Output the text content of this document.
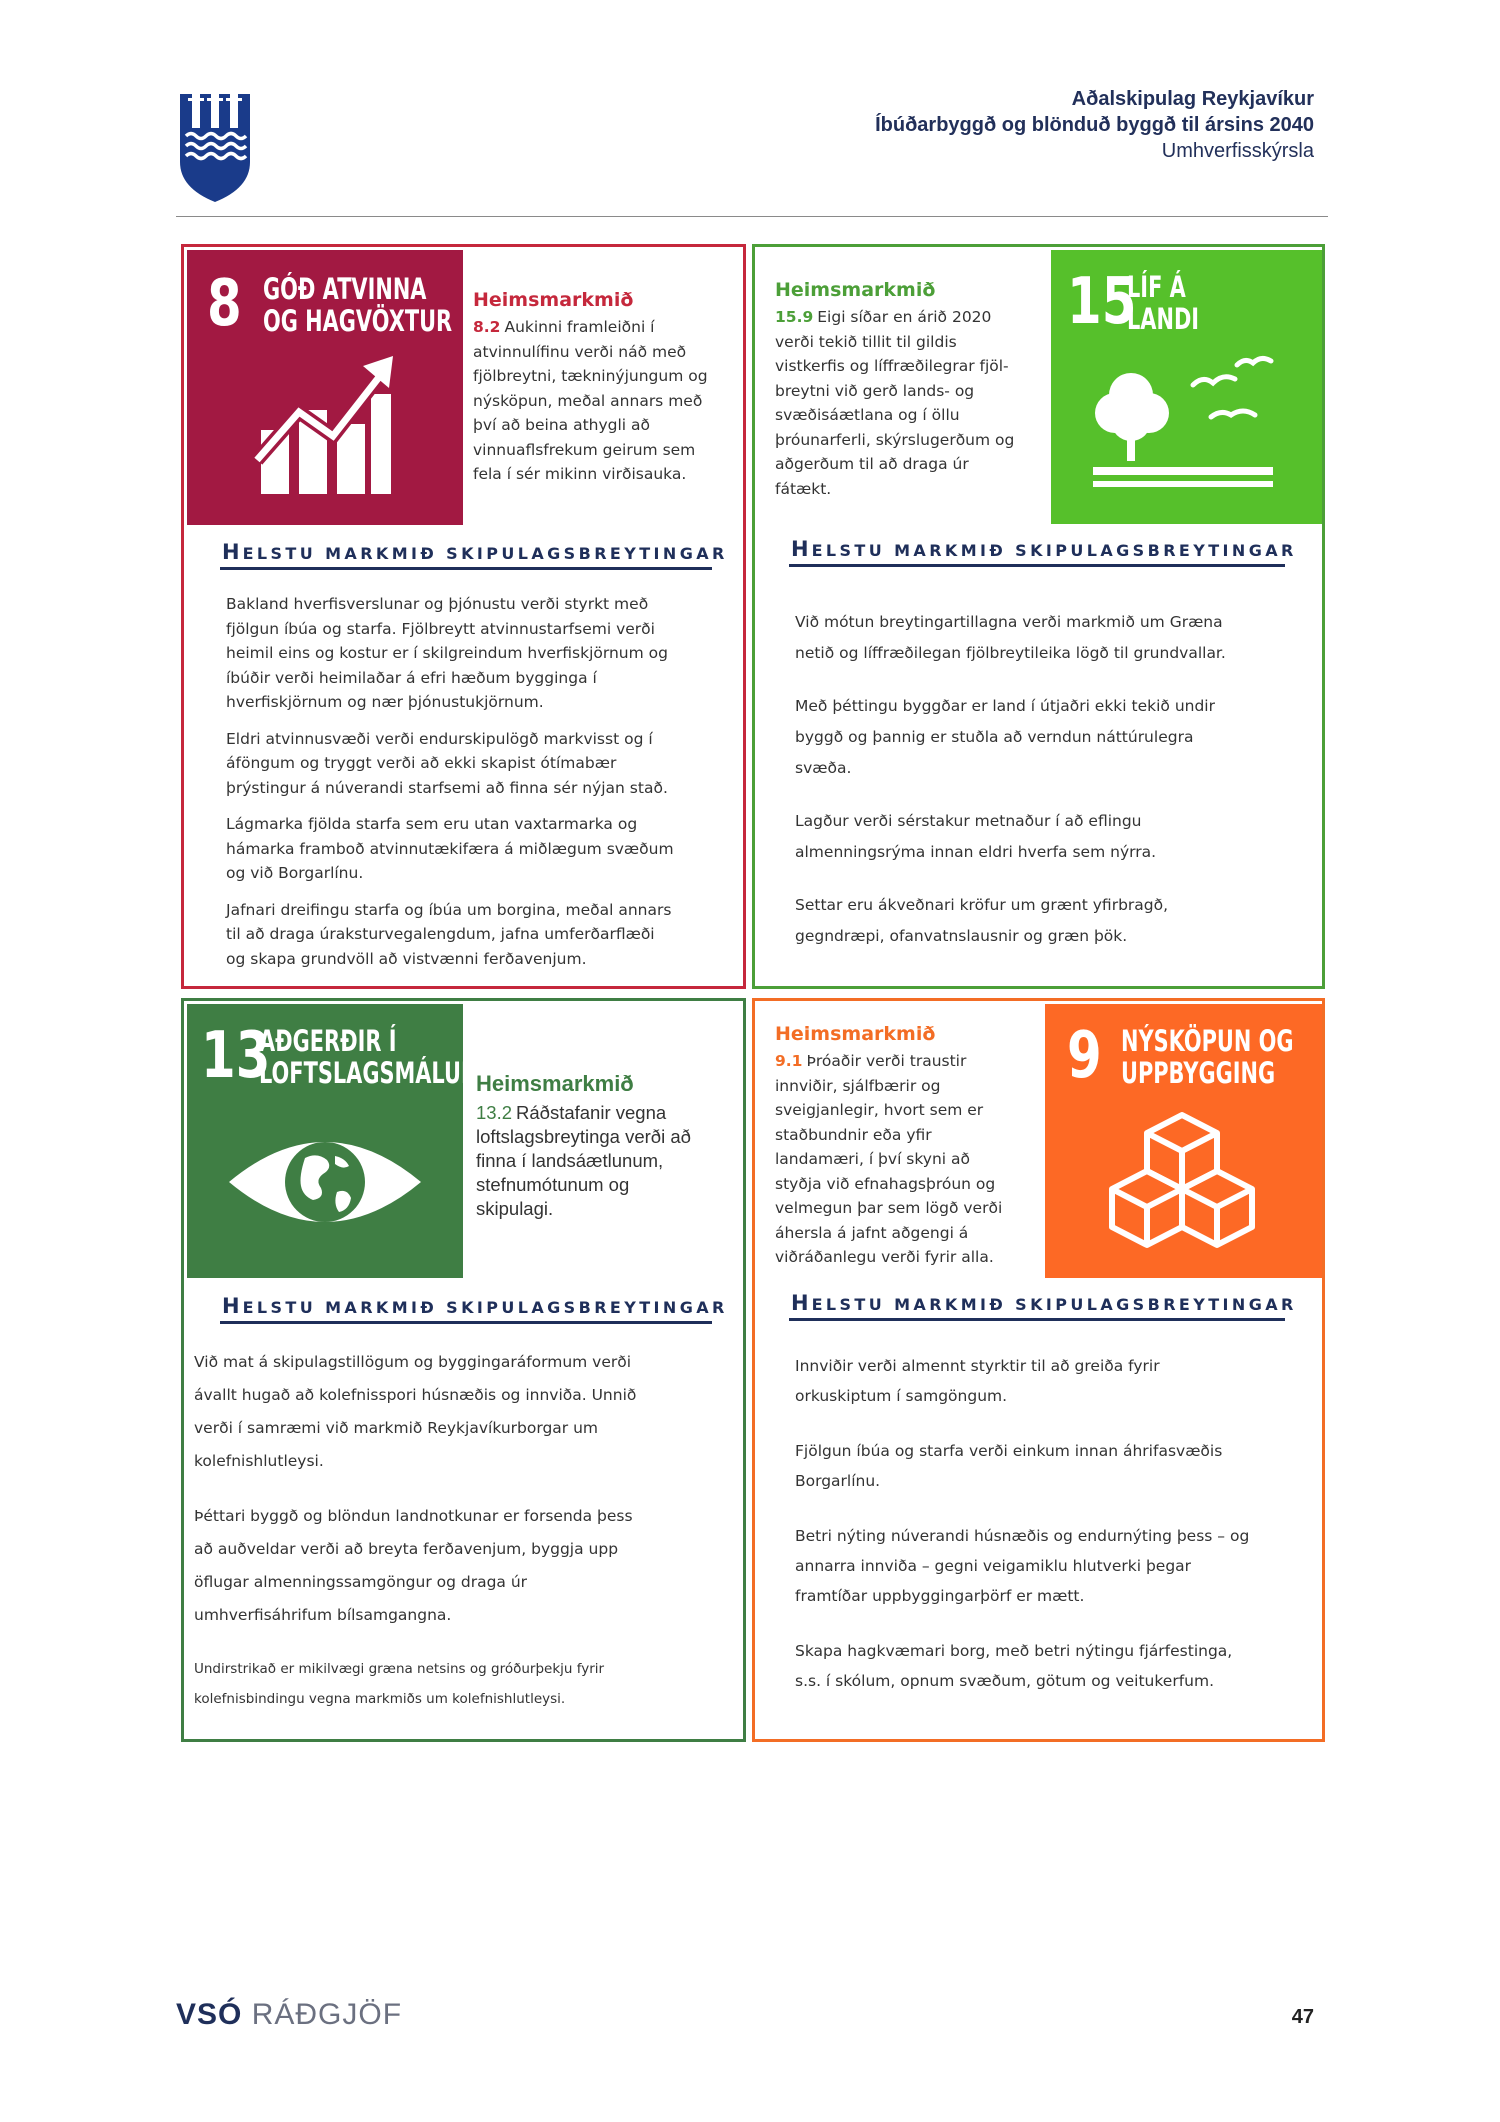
Aðalskipulag Reykjavíkur
Íbúðarbyggð og blönduð byggð til ársins 2040
Umhverfisskýrsla
8 GÓÐ ATVINNA
OG HAGVÖXTUR
Heimsmarkmið
8.2 Aukinni framleiðni í
atvinnulífinu verði náð með
fjölbreytni, tækninýjungum og
nýsköpun, meðal annars með
því að beina athygli að
vinnuaflsfrekum geirum sem
fela í sér mikinn virðisauka.
HELSTU MARKMIÐ SKIPULAGSBREYTINGAR

Bakland hverfisverslunar og þjónustu verði styrkt með
fjölgun íbúa og starfa. Fjölbreytt atvinnustarfsemi verði
heimil eins og kostur er í skilgreindum hverfiskjörnum og
íbúðir verði heimilaðar á efri hæðum bygginga í
hverfiskjörnum og nær þjónustukjörnum.

Eldri atvinnusvæði verði endurskipulögð markvisst og í
áföngum og tryggt verði að ekki skapist ótímabær
þrýstingur á núverandi starfsemi að finna sér nýjan stað.

Lágmarka fjölda starfa sem eru utan vaxtarmarka og
hámarka framboð atvinnutækifæra á miðlægum svæðum
og við Borgarlínu.

Jafnari dreifingu starfa og íbúa um borgina, meðal annars
til að draga úraksturvegalengdum, jafna umferðarflæði
og skapa grundvöll að vistvænni ferðavenjum.

Heimsmarkmið
15.9 Eigi síðar en árið 2020
verði tekið tillit til gildis
vistkerfis og líffræðilegrar fjöl-
breytni við gerð lands- og
svæðisáætlana og í öllu
þróunarferli, skýrslugerðum og
aðgerðum til að draga úr
fátækt.
15
LÍF Á
LANDI
HELSTU MARKMIÐ SKIPULAGSBREYTINGAR

Við mótun breytingartillagna verði markmið um Græna
netið og líffræðilegan fjölbreytileika lögð til grundvallar.

Með þéttingu byggðar er land í útjaðri ekki tekið undir
byggð og þannig er stuðla að verndun náttúrulegra
svæða.

Lagður verði sérstakur metnaður í að eflingu
almenningsrýma innan eldri hverfa sem nýrra.

Settar eru ákveðnari kröfur um grænt yfirbragð,
gegndræpi, ofanvatnslausnir og græn þök.

13
AÐGERÐIR Í
LOFTSLAGSMÁLUM
Heimsmarkmið
13.2 Ráðstafanir vegna
loftslagsbreytinga verði að
finna í landsáætlunum,
stefnumótunum og
skipulagi.
HELSTU MARKMIÐ SKIPULAGSBREYTINGAR

Við mat á skipulagstillögum og byggingaráformum verði
ávallt hugað að kolefnisspori húsnæðis og innviða. Unnið
verði í samræmi við markmið Reykjavíkurborgar um
kolefnishlutleysi.

Þéttari byggð og blöndun landnotkunar er forsenda þess
að auðveldar verði að breyta ferðavenjum, byggja upp
öflugar almenningssamgöngur og draga úr
umhverfisáhrifum bílsamgangna.

Undirstrikað er mikilvægi græna netsins og gróðurþekju fyrir
kolefnisbindingu vegna markmiðs um kolefnishlutleysi.

Heimsmarkmið
9.1 Þróaðir verði traustir
innviðir, sjálfbærir og
sveigjanlegir, hvort sem er
staðbundnir eða yfir
landamæri, í því skyni að
styðja við efnahagsþróun og
velmegun þar sem lögð verði
áhersla á jafnt aðgengi á
viðráðanlegu verði fyrir alla.
9 NÝSKÖPUN OG
UPPBYGGING
HELSTU MARKMIÐ SKIPULAGSBREYTINGAR

Innviðir verði almennt styrktir til að greiða fyrir
orkuskiptum í samgöngum.

Fjölgun íbúa og starfa verði einkum innan áhrifasvæðis
Borgarlínu.

Betri nýting núverandi húsnæðis og endurnýting þess – og
annarra innviða – gegni veigamiklu hlutverki þegar
framtíðar uppbyggingarþörf er mætt.

Skapa hagkvæmari borg, með betri nýtingu fjárfestinga,
s.s. í skólum, opnum svæðum, götum og veitukerfum.

VSÓ RÁÐGJÖF	47
